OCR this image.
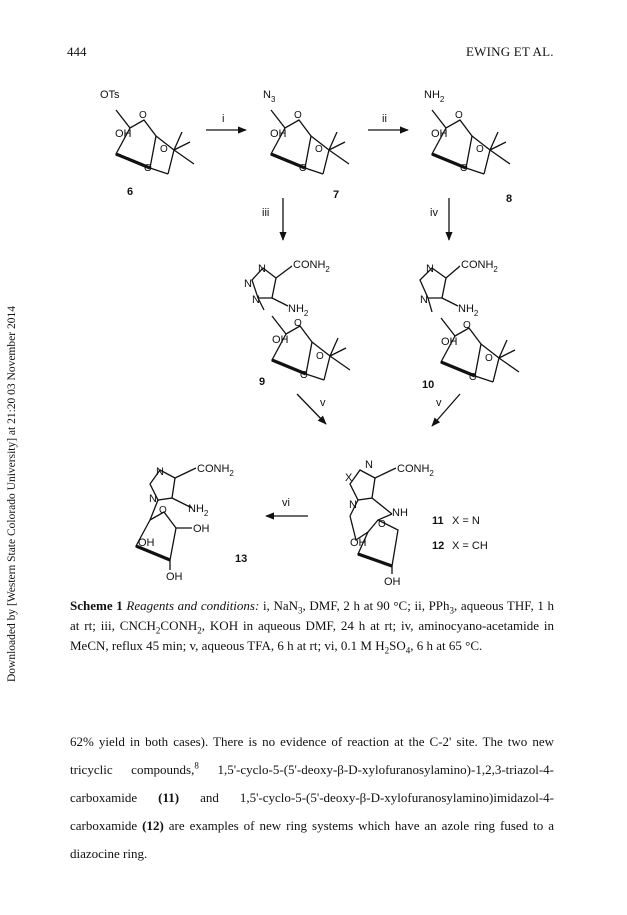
444	EWING ET AL.
Downloaded by [Western State Colorado University] at 21:20 03 November 2014
OTs
OH
O
O
O
6
i
$N_3$
OH
O
O
O
7
ii
$NH_2$
OH
O
O
O
8
iii	iv
N
N
N
$CONH_2$
$NH_2$
OH
O
O
O
9
N
N
$CONH_2$
$NH_2$
OH
O
O
O
10
v	v
X
N
N
$CONH_2$
NH
O
OH
OH
11 X = N
12 X = CH
vi
N
N
$CONH_2$
$NH_2$
O
OH
OH
OH
13
Scheme 1 Reagents and conditions: i, NaN$_3$, DMF, 2 h at 90 °C; ii, PPh$_3$, aqueous THF, 1 h at rt; iii, $CNCH_2CONH_2$, KOH in aqueous DMF, 24 h at rt; iv, aminocyano-acetamide in MeCN, reflux 45 min; v, aqueous TFA, 6 h at rt; vi, 0.1 M $H_2SO_4$, 6 h at 65 °C.
62% yield in both cases). There is no evidence of reaction at the C-2' site. The two new tricyclic compounds,$^8$ 1,5'-cyclo-5-(5'-deoxy-β-D-xylofuranosylamino)-1,2,3-triazol-4-carboxamide (11) and 1,5'-cyclo-5-(5'-deoxy-β-D-xylofuranosylamino)imidazol-4-carboxamide (12) are examples of new ring systems which have an azole ring fused to a diazocine ring.
